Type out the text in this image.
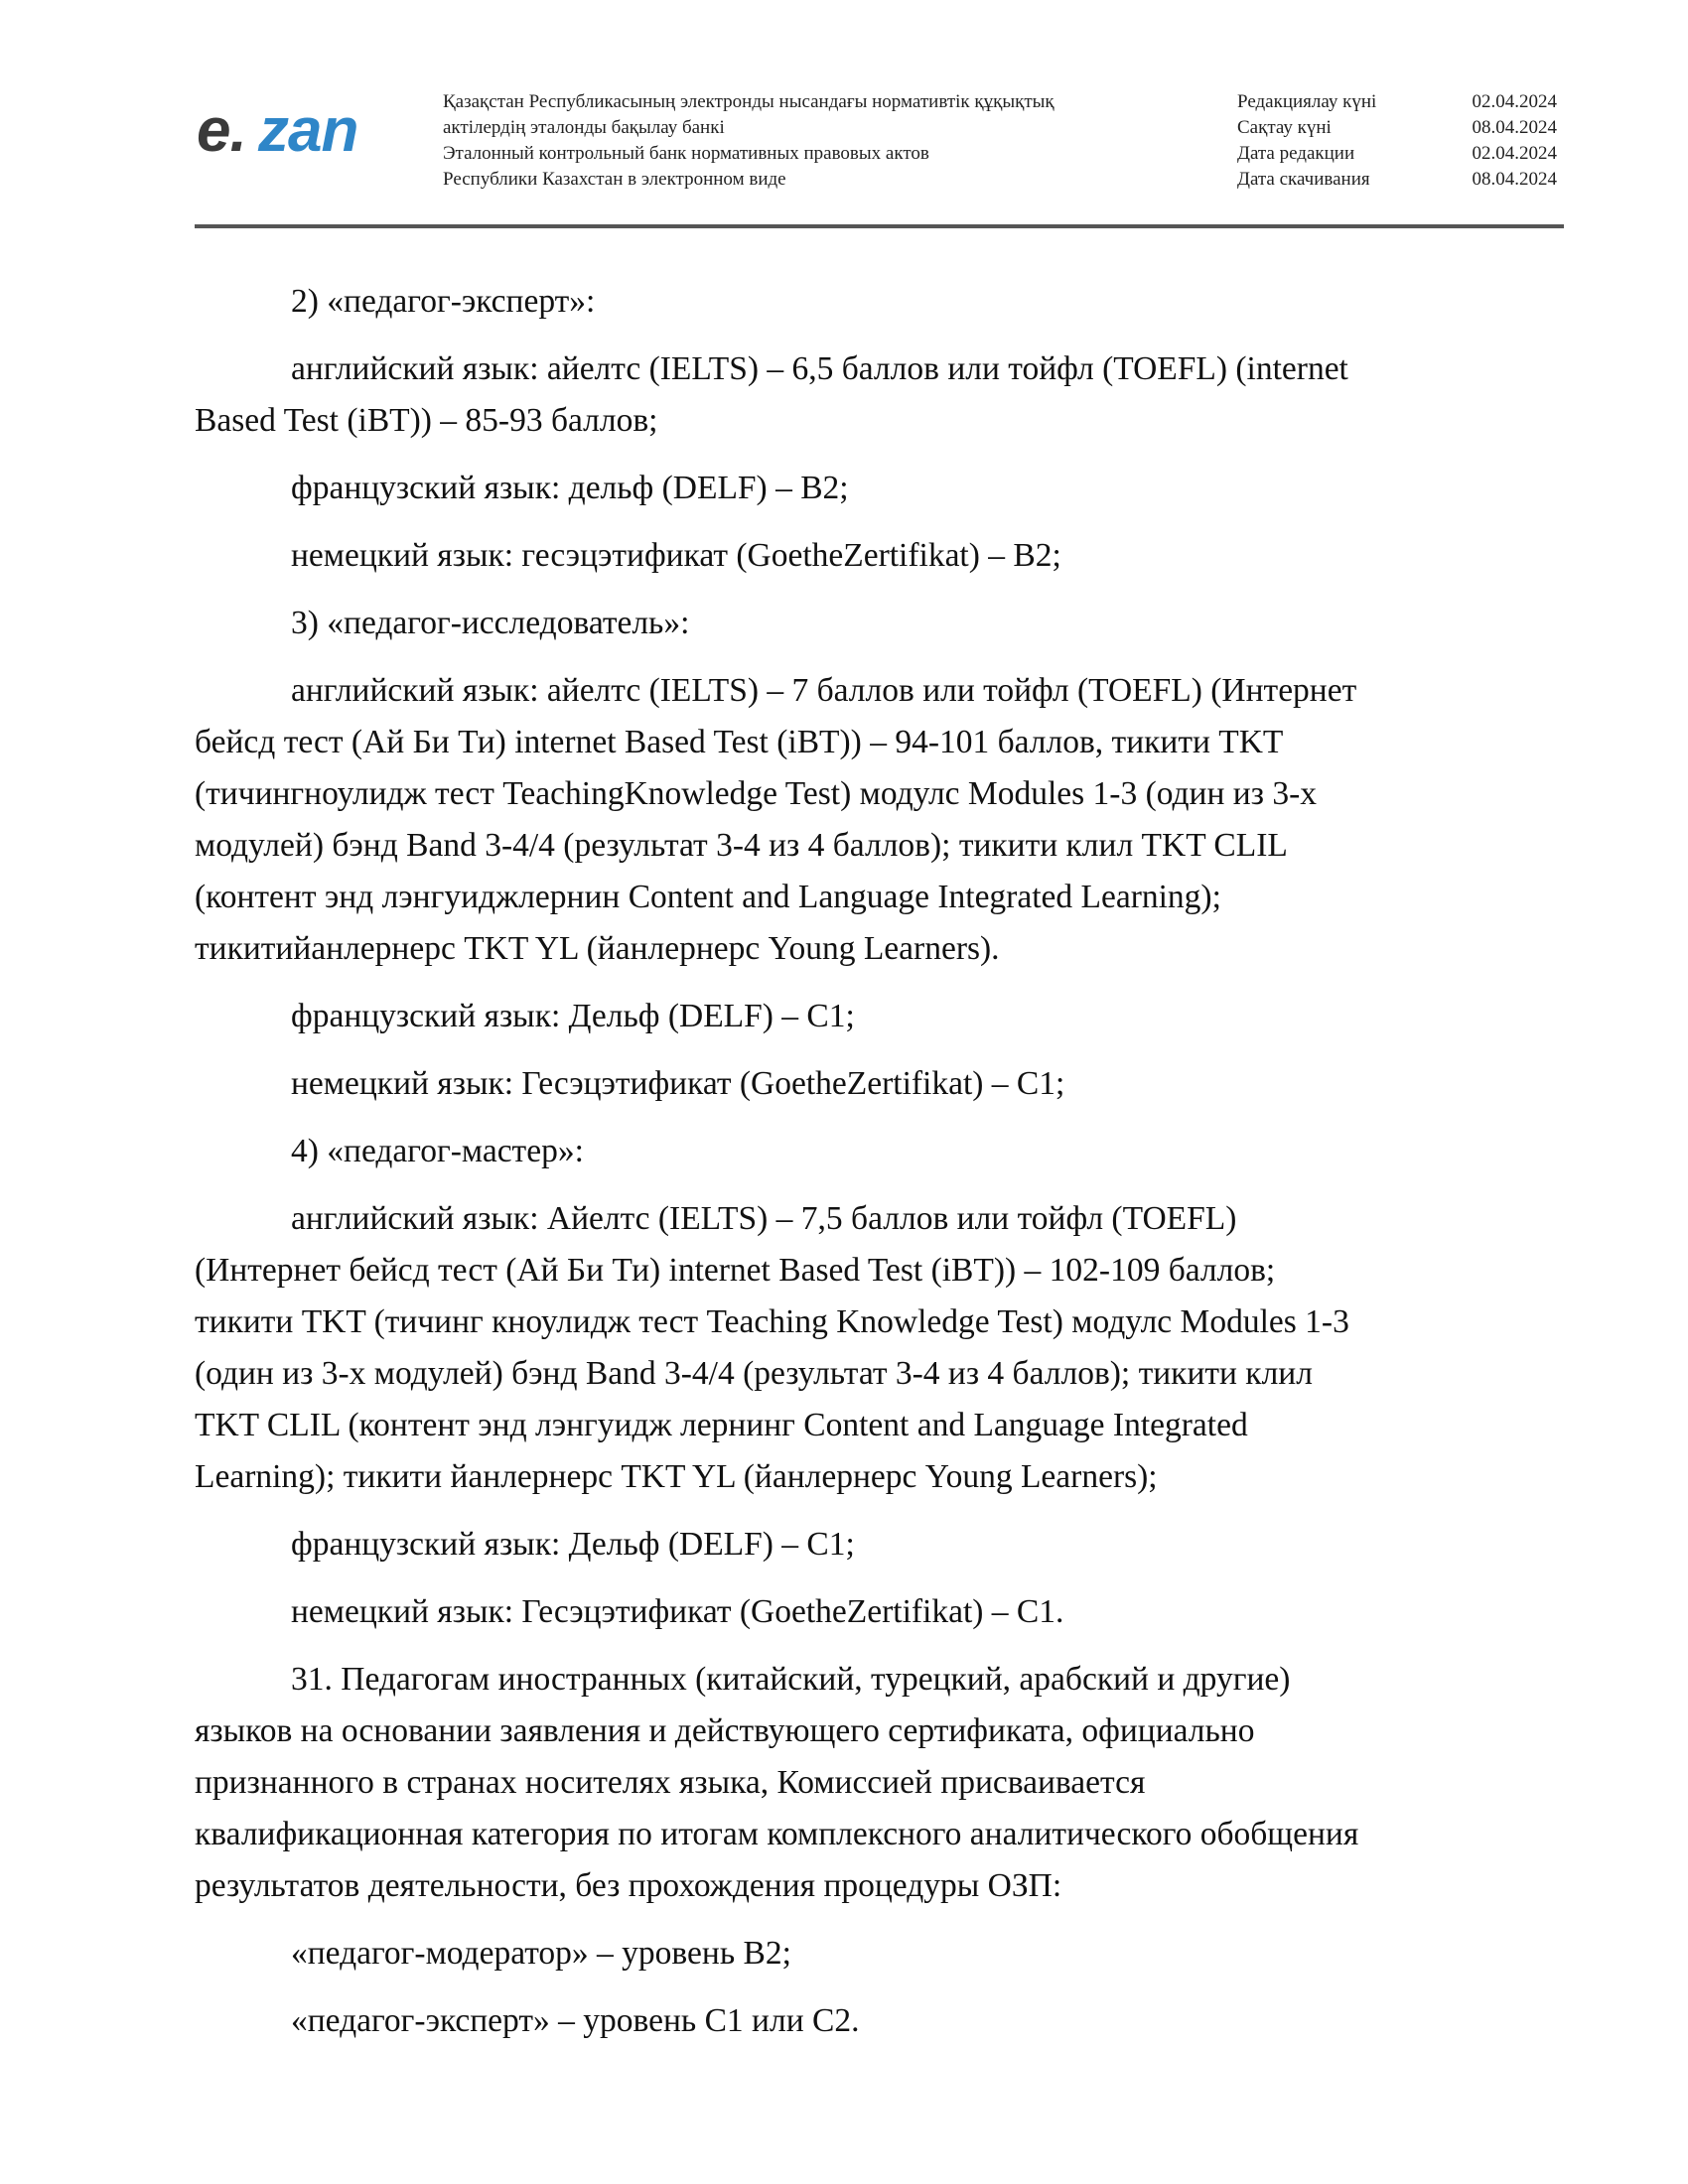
e. zan	Қазақстан Республикасының электронды нысандағы нормативтік құқықтық
актілердің эталонды бақылау банкі
Эталонный контрольный банк нормативных правовых актов
Республики Казахстан в электронном виде
Редакциялау күні	02.04.2024
Сақтау күні	08.04.2024
Дата редакции	02.04.2024
Дата скачивания	08.04.2024

2) «педагог-эксперт»:

английский язык: айелтс (IELTS) – 6,5 баллов или тойфл (TOEFL) (internet
Based Test (iBT)) – 85-93 баллов;

французский язык: дельф (DELF) – B2;

немецкий язык: гесэцэтификат (GoetheZertifikat) – B2;

3) «педагог-исследователь»:

английский язык: айелтс (IELTS) – 7 баллов или тойфл (TOEFL) (Интернет
бейсд тест (Ай Би Ти) internet Based Test (iBT)) – 94-101 баллов, тикити TKT
(тичингноулидж тест TeachingKnowledge Test) модулс Modules 1-3 (один из 3-х
модулей) бэнд Band 3-4/4 (результат 3-4 из 4 баллов); тикити клил TKT CLIL
(контент энд лэнгуиджлернин Content and Language Integrated Learning);
тикитийанлернерс TKT YL (йанлернерс Young Learners).

французский язык: Дельф (DELF) – C1;

немецкий язык: Гесэцэтификат (GoetheZertifikat) – C1;

4) «педагог-мастер»:

английский язык: Айелтс (IELTS) – 7,5 баллов или тойфл (TOEFL)
(Интернет бейсд тест (Ай Би Ти) internet Based Test (iBT)) – 102-109 баллов;
тикити TKT (тичинг кноулидж тест Teaching Knowledge Test) модулс Modules 1-3
(один из 3-х модулей) бэнд Band 3-4/4 (результат 3-4 из 4 баллов); тикити клил
TKT CLIL (контент энд лэнгуидж лернинг Content and Language Integrated
Learning); тикити йанлернерс TKT YL (йанлернерс Young Learners);

французский язык: Дельф (DELF) – C1;

немецкий язык: Гесэцэтификат (GoetheZertifikat) – C1.

31. Педагогам иностранных (китайский, турецкий, арабский и другие)
языков на основании заявления и действующего сертификата, официально
признанного в странах носителях языка, Комиссией присваивается
квалификационная категория по итогам комплексного аналитического обобщения
результатов деятельности, без прохождения процедуры ОЗП:

«педагог-модератор» – уровень B2;

«педагог-эксперт» – уровень C1 или C2.
